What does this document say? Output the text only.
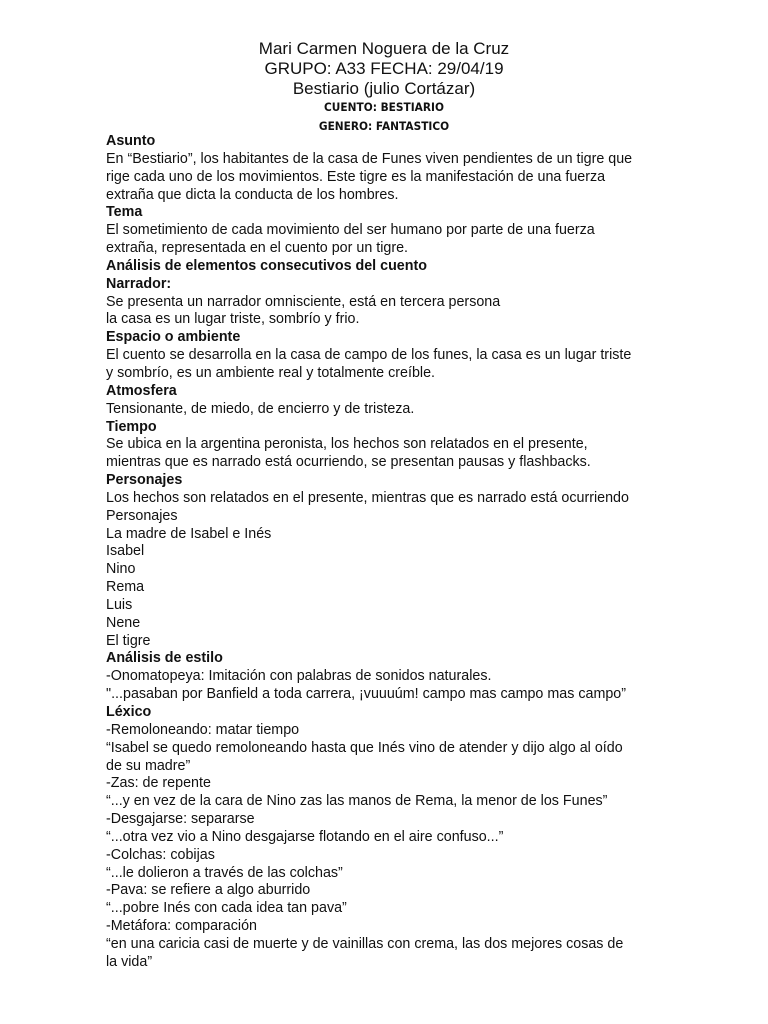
Mari Carmen Noguera de la Cruz
GRUPO: A33 FECHA: 29/04/19
Bestiario (julio Cortázar)
CUENTO: BESTIARIO
GENERO: FANTASTICO
Asunto
En “Bestiario”, los habitantes de la casa de Funes viven pendientes de un tigre que
rige cada uno de los movimientos. Este tigre es la manifestación de una fuerza
extraña que dicta la conducta de los hombres.
Tema
El sometimiento de cada movimiento del ser humano por parte de una fuerza
extraña, representada en el cuento por un tigre.
Análisis de elementos consecutivos del cuento
Narrador:
Se presenta un narrador omnisciente, está en tercera persona
la casa es un lugar triste, sombrío y frio.
Espacio o ambiente
El cuento se desarrolla en la casa de campo de los funes, la casa es un lugar triste
y sombrío, es un ambiente real y totalmente creíble.
Atmosfera
Tensionante, de miedo, de encierro y de tristeza.
Tiempo
Se ubica en la argentina peronista, los hechos son relatados en el presente,
mientras que es narrado está ocurriendo, se presentan pausas y flashbacks.
Personajes
Los hechos son relatados en el presente, mientras que es narrado está ocurriendo
Personajes
La madre de Isabel e Inés
Isabel
Nino
Rema
Luis
Nene
El tigre
Análisis de estilo
-Onomatopeya: Imitación con palabras de sonidos naturales.
"...pasaban por Banfield a toda carrera, ¡vuuuúm! campo mas campo mas campo”
Léxico
-Remoloneando: matar tiempo
“Isabel se quedo remoloneando hasta que Inés vino de atender y dijo algo al oído
de su madre”
-Zas: de repente
“...y en vez de la cara de Nino zas las manos de Rema, la menor de los Funes”
-Desgajarse: separarse
“...otra vez vio a Nino desgajarse flotando en el aire confuso...”
-Colchas: cobijas
“...le dolieron a través de las colchas”
-Pava: se refiere a algo aburrido
“...pobre Inés con cada idea tan pava”
-Metáfora: comparación
“en una caricia casi de muerte y de vainillas con crema, las dos mejores cosas de
la vida”
